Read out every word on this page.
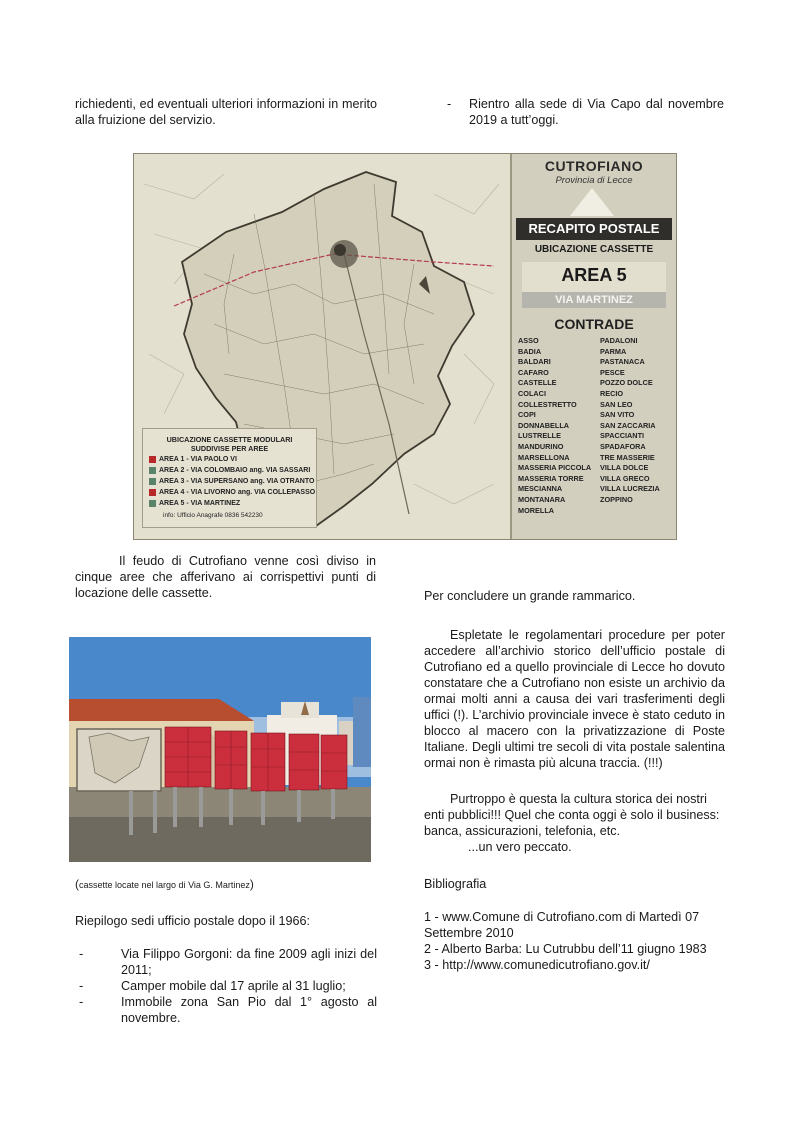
richiedenti, ed eventuali ulteriori informazioni in merito
alla fruizione del servizio.
- Rientro alla sede di Via Capo dal novembre 2019 a tutt’oggi.
UBICAZIONE CASSETTE MODULARI
SUDDIVISE PER AREE
AREA 1 - VIA PAOLO VI
AREA 2 - VIA COLOMBAIO ang. VIA SASSARI
AREA 3 - VIA SUPERSANO ang. VIA OTRANTO
AREA 4 - VIA LIVORNO ang. VIA COLLEPASSO
AREA 5 - VIA MARTINEZ
info: Ufficio Anagrafe 0836 542230
CUTROFIANO
Provincia di Lecce
RECAPITO POSTALE
UBICAZIONE CASSETTE
AREA 5
VIA MARTINEZ
CONTRADE
ASSO
BADIA
BALDARI
CAFARO
CASTELLE
COLACI
COLLESTRETTO
COPI
DONNABELLA
LUSTRELLE
MANDURINO
MARSELLONA
MASSERIA PICCOLA
MASSERIA TORRE
MESCIANNA
MONTANARA
MORELLA
PADALONI
PARMA
PASTANACA
PESCE
POZZO DOLCE
RECIO
SAN LEO
SAN VITO
SAN ZACCARIA
SPACCIANTI
SPADAFORA
TRE MASSERIE
VILLA DOLCE
VILLA GRECO
VILLA LUCREZIA
ZOPPINO
Il feudo di Cutrofiano venne così diviso in cinque aree che afferivano ai corrispettivi punti di locazione delle cassette.
(cassette locate nel largo di Via G. Martinez)
Riepilogo sedi ufficio postale dopo il 1966:
-	Via Filippo Gorgoni: da fine 2009 agli inizi del 2011;
-	Camper mobile dal 17 aprile al 31 luglio;
-	Immobile zona San Pio dal 1° agosto al novembre.
Per concludere un grande rammarico.
Espletate le regolamentari procedure per poter accedere all’archivio storico dell’ufficio postale di Cutrofiano ed a quello provinciale di Lecce ho dovuto constatare che a Cutrofiano non esiste un archivio da ormai molti anni a causa dei vari trasferimenti degli uffici (!). L’archivio provinciale invece è stato ceduto in blocco al macero con la privatizzazione di Poste Italiane. Degli ultimi tre secoli di vita postale salentina ormai non è rimasta più alcuna traccia. (!!!)
Purtroppo è questa la cultura storica dei nostri enti pubblici!!! Quel che conta oggi è solo il business: banca, assicurazioni, telefonia, etc.
...un vero peccato.
Bibliografia
1 - www.Comune di Cutrofiano.com di Martedì 07 Settembre 2010
2 - Alberto Barba: Lu Cutrubbu dell’11 giugno 1983
3 - http://www.comunedicutrofiano.gov.it/
